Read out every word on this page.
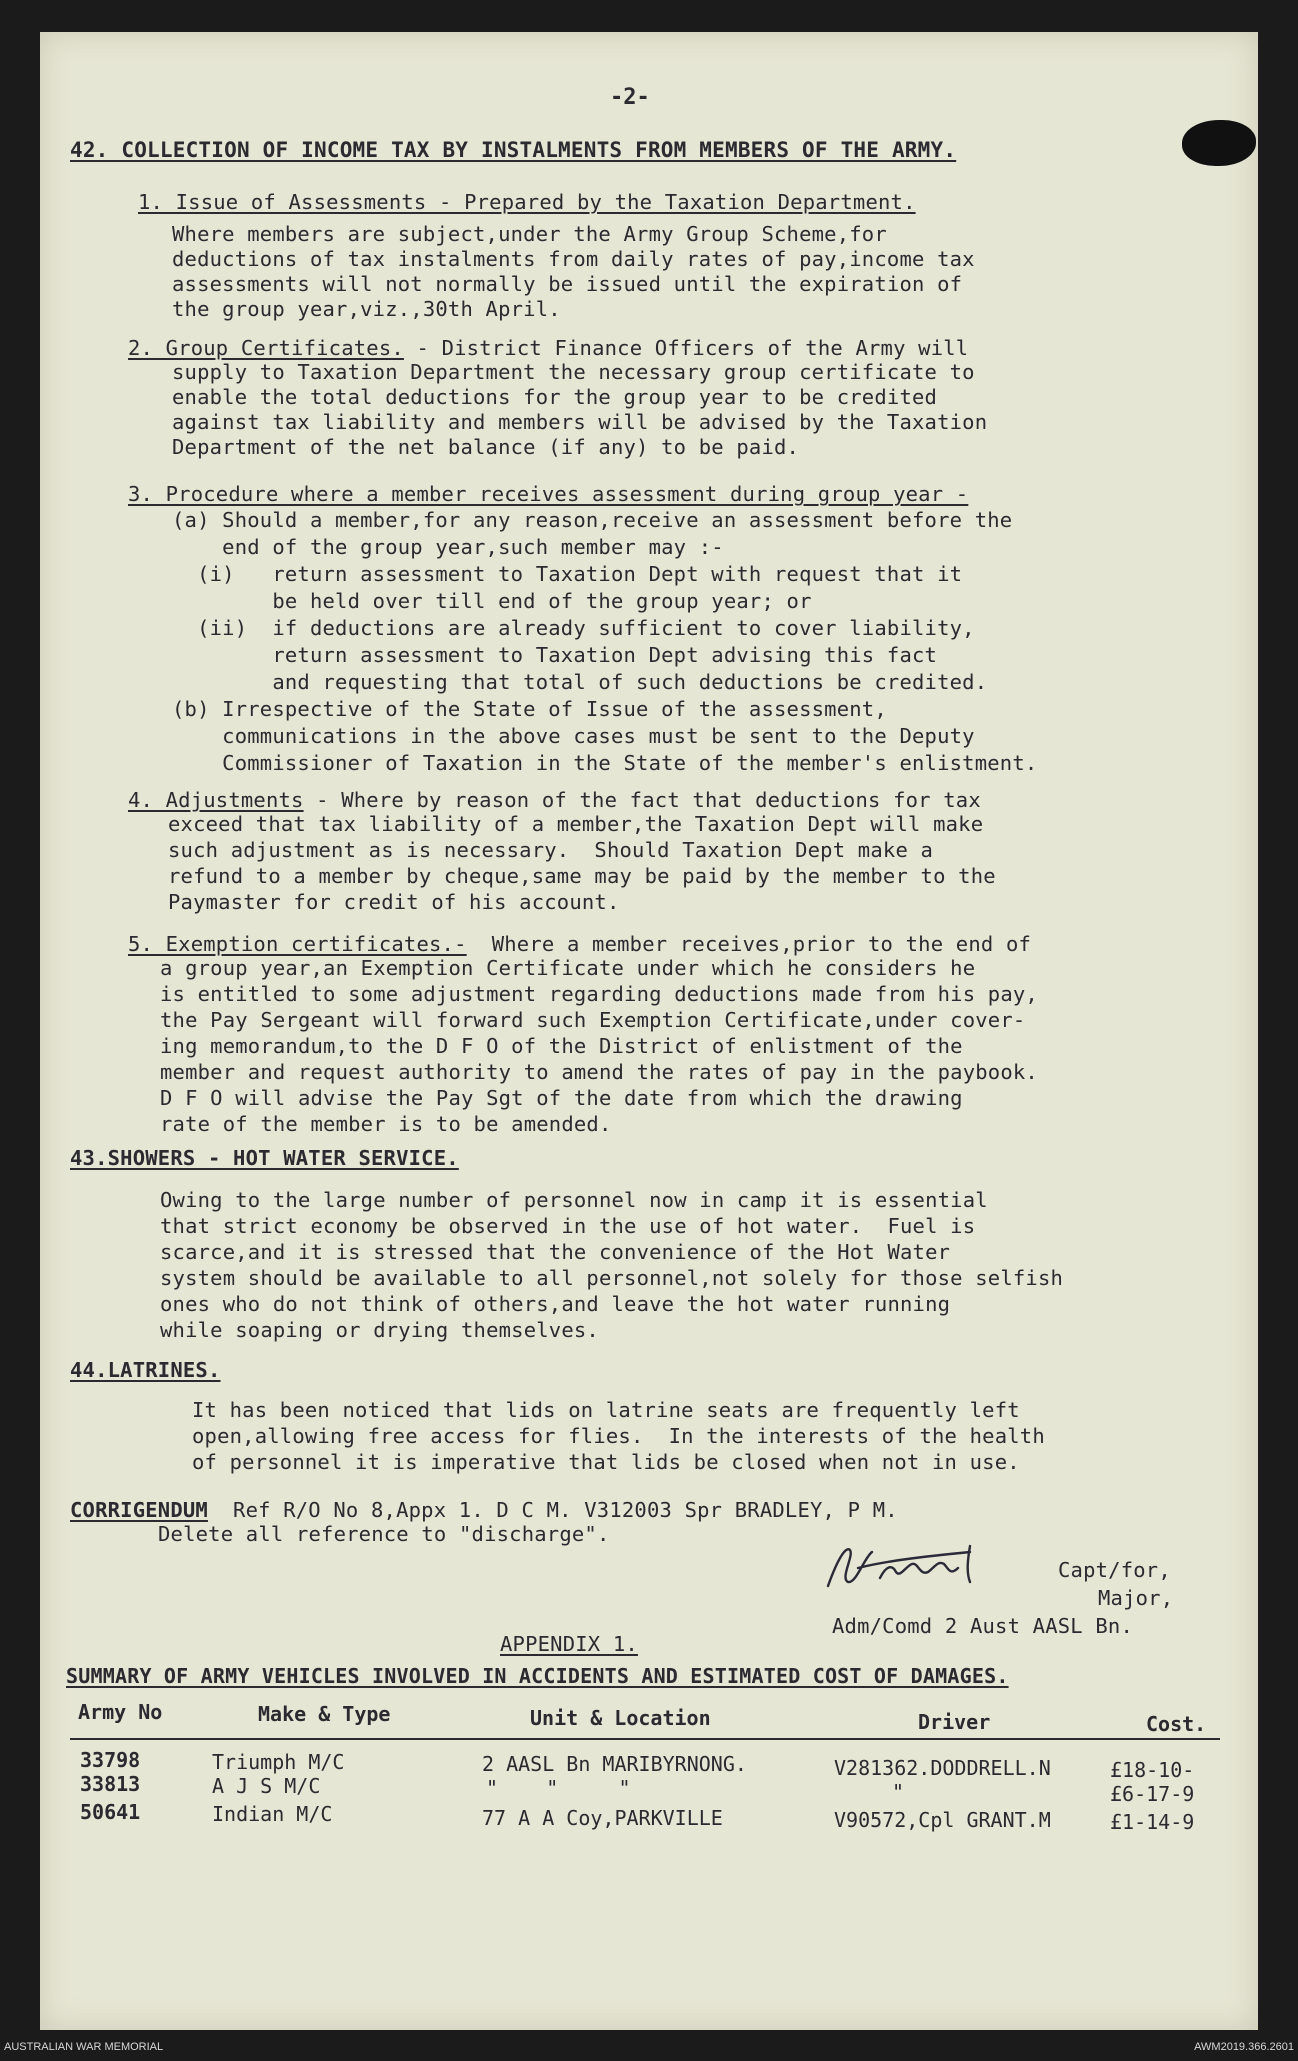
-2-
42. COLLECTION OF INCOME TAX BY INSTALMENTS FROM MEMBERS OF THE ARMY.
1. Issue of Assessments - Prepared by the Taxation Department.
Where members are subject,under the Army Group Scheme,for
deductions of tax instalments from daily rates of pay,income tax
assessments will not normally be issued until the expiration of
the group year,viz.,30th April.
2. Group Certificates. - District Finance Officers of the Army will
supply to Taxation Department the necessary group certificate to
enable the total deductions for the group year to be credited
against tax liability and members will be advised by the Taxation
Department of the net balance (if any) to be paid.
3. Procedure where a member receives assessment during group year -
(a) Should a member,for any reason,receive an assessment before the
end of the group year,such member may :-
(i)   return assessment to Taxation Dept with request that it
be held over till end of the group year; or
(ii)  if deductions are already sufficient to cover liability,
return assessment to Taxation Dept advising this fact
and requesting that total of such deductions be credited.
(b) Irrespective of the State of Issue of the assessment,
communications in the above cases must be sent to the Deputy
Commissioner of Taxation in the State of the member's enlistment.
4. Adjustments - Where by reason of the fact that deductions for tax
exceed that tax liability of a member,the Taxation Dept will make
such adjustment as is necessary.  Should Taxation Dept make a
refund to a member by cheque,same may be paid by the member to the
Paymaster for credit of his account.
5. Exemption certificates.-  Where a member receives,prior to the end of
a group year,an Exemption Certificate under which he considers he
is entitled to some adjustment regarding deductions made from his pay,
the Pay Sergeant will forward such Exemption Certificate,under cover-
ing memorandum,to the D F O of the District of enlistment of the
member and request authority to amend the rates of pay in the paybook.
D F O will advise the Pay Sgt of the date from which the drawing
rate of the member is to be amended.
43.SHOWERS - HOT WATER SERVICE.
Owing to the large number of personnel now in camp it is essential
that strict economy be observed in the use of hot water.  Fuel is
scarce,and it is stressed that the convenience of the Hot Water
system should be available to all personnel,not solely for those selfish
ones who do not think of others,and leave the hot water running
while soaping or drying themselves.
44.LATRINES.
It has been noticed that lids on latrine seats are frequently left
open,allowing free access for flies.  In the interests of the health
of personnel it is imperative that lids be closed when not in use.
CORRIGENDUM  Ref R/O No 8,Appx 1. D C M. V312003 Spr BRADLEY, P M.
Delete all reference to "discharge".
Capt/for,
Major,
Adm/Comd 2 Aust AASL Bn.
APPENDIX 1.
SUMMARY OF ARMY VEHICLES INVOLVED IN ACCIDENTS AND ESTIMATED COST OF DAMAGES.
Army No	Make & Type	Unit & Location	Driver	Cost.
33798	Triumph M/C	2 AASL Bn MARIBYRNONG.	V281362.DODDRELL.N	£18-10-
33813	A J S M/C	"    "     "	"	£6-17-9
50641	Indian M/C	77 A A Coy,PARKVILLE	V90572,Cpl GRANT.M	£1-14-9
AUSTRALIAN WAR MEMORIAL	AWM2019.366.2601
